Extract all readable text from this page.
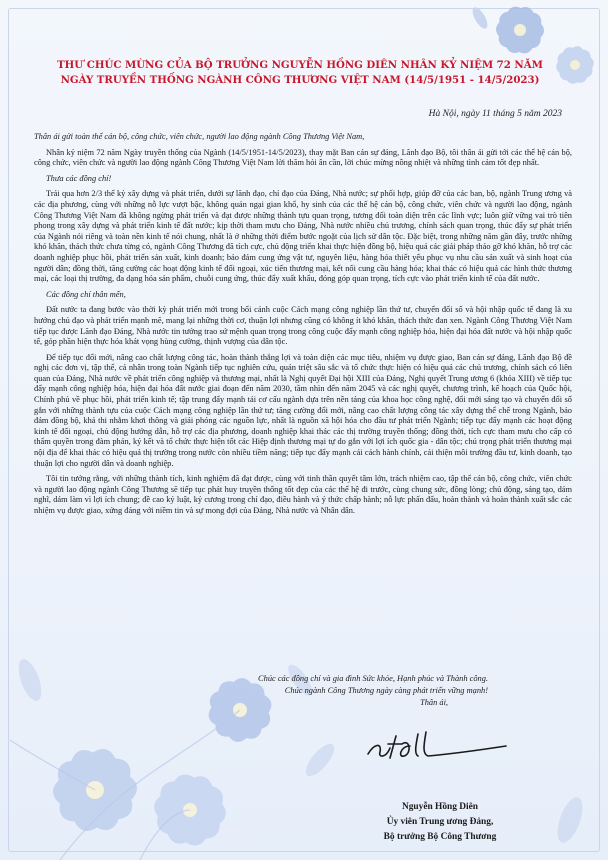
THƯ CHÚC MỪNG CỦA BỘ TRƯỞNG NGUYỄN HỒNG DIÊN NHÂN KỶ NIỆM 72 NĂM
NGÀY TRUYỀN THỐNG NGÀNH CÔNG THƯƠNG VIỆT NAM (14/5/1951 - 14/5/2023)
Hà Nội, ngày 11 tháng 5 năm 2023

Thân ái gửi toàn thể cán bộ, công chức, viên chức, người lao động ngành Công Thương Việt Nam,

Nhân kỷ niệm 72 năm Ngày truyền thống của Ngành (14/5/1951-14/5/2023), thay mặt Ban cán sự đảng, Lãnh đạo Bộ, tôi thân ái gửi tới các thế hệ cán bộ, công chức, viên chức và người lao động ngành Công Thương Việt Nam lời thăm hỏi ân cần, lời chúc mừng nồng nhiệt và những tình cảm tốt đẹp nhất.

Thưa các đồng chí!

Trải qua hơn 2/3 thế kỷ xây dựng và phát triển, dưới sự lãnh đạo, chỉ đạo của Đảng, Nhà nước; sự phối hợp, giúp đỡ của các ban, bộ, ngành Trung ương và các địa phương, cùng với những nỗ lực vượt bậc, không quản ngại gian khổ, hy sinh của các thế hệ cán bộ, công chức, viên chức và người lao động, ngành Công Thương Việt Nam đã không ngừng phát triển và đạt được những thành tựu quan trọng, tương đối toàn diện trên các lĩnh vực; luôn giữ vững vai trò tiên phong trong xây dựng và phát triển kinh tế đất nước; kịp thời tham mưu cho Đảng, Nhà nước nhiều chủ trương, chính sách quan trọng, thúc đẩy sự phát triển của Ngành nói riêng và toàn nền kinh tế nói chung, nhất là ở những thời điểm bước ngoặt của lịch sử dân tộc. Đặc biệt, trong những năm gần đây, trước những khó khăn, thách thức chưa từng có, ngành Công Thương đã tích cực, chủ động triển khai thực hiện đồng bộ, hiệu quả các giải pháp tháo gỡ khó khăn, hỗ trợ các doanh nghiệp phục hồi, phát triển sản xuất, kinh doanh; bảo đảm cung ứng vật tư, nguyên liệu, hàng hóa thiết yếu phục vụ nhu cầu sản xuất và sinh hoạt của người dân; đồng thời, tăng cường các hoạt động kinh tế đối ngoại, xúc tiến thương mại, kết nối cung cầu hàng hóa; khai thác có hiệu quả các hình thức thương mại, các loại thị trường, đa dạng hóa sản phẩm, chuỗi cung ứng, thúc đẩy xuất khẩu, đóng góp quan trọng, tích cực vào phát triển kinh tế của đất nước.

Các đồng chí thân mến,

Đất nước ta đang bước vào thời kỳ phát triển mới trong bối cảnh cuộc Cách mạng công nghiệp lần thứ tư, chuyển đổi số và hội nhập quốc tế đang là xu hướng chủ đạo và phát triển mạnh mẽ, mang lại những thời cơ, thuận lợi nhưng cũng có không ít khó khăn, thách thức đan xen. Ngành Công Thương Việt Nam tiếp tục được Lãnh đạo Đảng, Nhà nước tin tưởng trao sứ mệnh quan trọng trong công cuộc đẩy mạnh công nghiệp hóa, hiện đại hóa đất nước và hội nhập quốc tế, góp phần hiện thực hóa khát vọng hùng cường, thịnh vượng của dân tộc.

Để tiếp tục đổi mới, nâng cao chất lượng công tác, hoàn thành thắng lợi và toàn diện các mục tiêu, nhiệm vụ được giao, Ban cán sự đảng, Lãnh đạo Bộ đề nghị các đơn vị, tập thể, cá nhân trong toàn Ngành tiếp tục nghiên cứu, quán triệt sâu sắc và tổ chức thực hiện có hiệu quả các chủ trương, chính sách có liên quan của Đảng, Nhà nước về phát triển công nghiệp và thương mại, nhất là Nghị quyết Đại hội XIII của Đảng, Nghị quyết Trung ương 6 (khóa XIII) về tiếp tục đẩy mạnh công nghiệp hóa, hiện đại hóa đất nước giai đoạn đến năm 2030, tầm nhìn đến năm 2045 và các nghị quyết, chương trình, kế hoạch của Quốc hội, Chính phủ về phục hồi, phát triển kinh tế; tập trung đẩy mạnh tái cơ cấu ngành dựa trên nền tảng của khoa học công nghệ, đổi mới sáng tạo và chuyển đổi số gắn với những thành tựu của cuộc Cách mạng công nghiệp lần thứ tư; tăng cường đổi mới, nâng cao chất lượng công tác xây dựng thể chế trong Ngành, bảo đảm đồng bộ, khả thi nhằm khơi thông và giải phóng các nguồn lực, nhất là nguồn xã hội hóa cho đầu tư phát triển Ngành; tiếp tục đẩy mạnh các hoạt động kinh tế đối ngoại, chủ động hướng dẫn, hỗ trợ các địa phương, doanh nghiệp khai thác các thị trường truyền thống; đồng thời, tích cực tham mưu cho cấp có thẩm quyền trong đàm phán, ký kết và tổ chức thực hiện tốt các Hiệp định thương mại tự do gắn với lợi ích quốc gia - dân tộc; chú trọng phát triển thương mại nội địa để khai thác có hiệu quả thị trường trong nước còn nhiều tiềm năng; tiếp tục đẩy mạnh cải cách hành chính, cải thiện môi trường đầu tư, kinh doanh, tạo thuận lợi cho người dân và doanh nghiệp.

Tôi tin tưởng rằng, với những thành tích, kinh nghiệm đã đạt được, cùng với tinh thần quyết tâm lớn, trách nhiệm cao, tập thể cán bộ, công chức, viên chức và người lao động ngành Công Thương sẽ tiếp tục phát huy truyền thống tốt đẹp của các thế hệ đi trước, cùng chung sức, đồng lòng; chủ động, sáng tạo, dám nghĩ, dám làm vì lợi ích chung; đề cao kỷ luật, kỷ cương trong chỉ đạo, điều hành và ý thức chấp hành; nỗ lực phấn đấu, hoàn thành và hoàn thành xuất sắc các nhiệm vụ được giao, xứng đáng với niềm tin và sự mong đợi của Đảng, Nhà nước và Nhân dân.

Chúc các đồng chí và gia đình Sức khỏe, Hạnh phúc và Thành công.
Chúc ngành Công Thương ngày càng phát triển vững mạnh!
Thân ái,
Nguyễn Hồng Diên
Ủy viên Trung ương Đảng,
Bộ trưởng Bộ Công Thương
